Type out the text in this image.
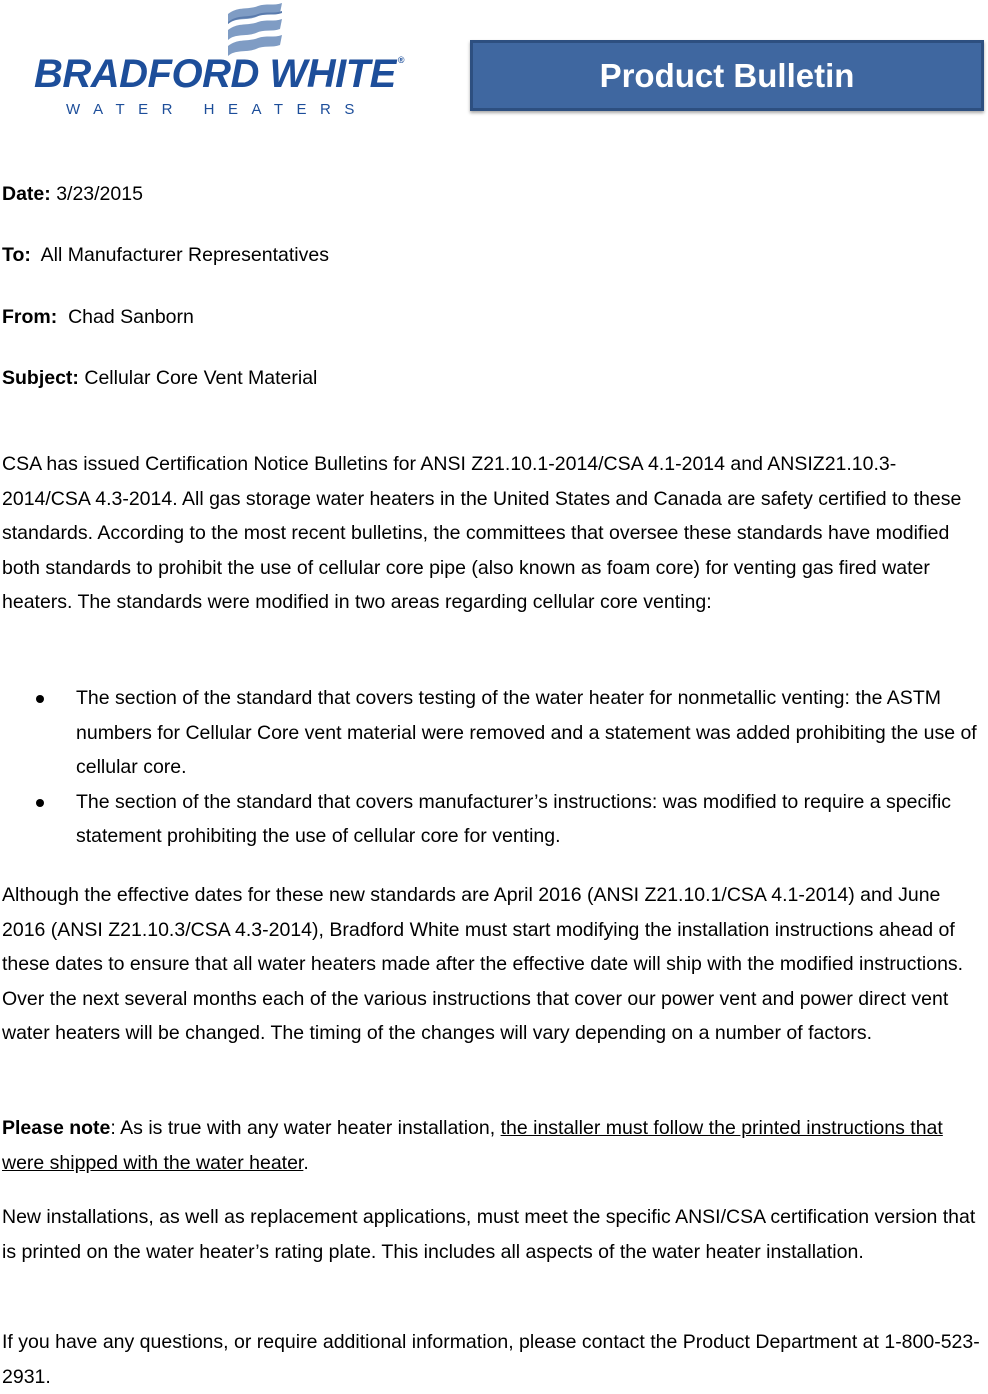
BRADFORD WHITE ®
WATER HEATERS
Product Bulletin
Date: 3/23/2015
To: All Manufacturer Representatives
From: Chad Sanborn
Subject: Cellular Core Vent Material

CSA has issued Certification Notice Bulletins for ANSI Z21.10.1-2014/CSA 4.1-2014 and ANSIZ21.10.3-2014/CSA 4.3-2014. All gas storage water heaters in the United States and Canada are safety certified to these standards. According to the most recent bulletins, the committees that oversee these standards have modified both standards to prohibit the use of cellular core pipe (also known as foam core) for venting gas fired water heaters. The standards were modified in two areas regarding cellular core venting:

The section of the standard that covers testing of the water heater for nonmetallic venting: the ASTM numbers for Cellular Core vent material were removed and a statement was added prohibiting the use of cellular core.
The section of the standard that covers manufacturer’s instructions: was modified to require a specific statement prohibiting the use of cellular core for venting.

Although the effective dates for these new standards are April 2016 (ANSI Z21.10.1/CSA 4.1-2014) and June 2016 (ANSI Z21.10.3/CSA 4.3-2014), Bradford White must start modifying the installation instructions ahead of these dates to ensure that all water heaters made after the effective date will ship with the modified instructions. Over the next several months each of the various instructions that cover our power vent and power direct vent water heaters will be changed. The timing of the changes will vary depending on a number of factors.

Please note: As is true with any water heater installation, the installer must follow the printed instructions that were shipped with the water heater.

New installations, as well as replacement applications, must meet the specific ANSI/CSA certification version that is printed on the water heater’s rating plate. This includes all aspects of the water heater installation.

If you have any questions, or require additional information, please contact the Product Department at 1-800-523-2931.
